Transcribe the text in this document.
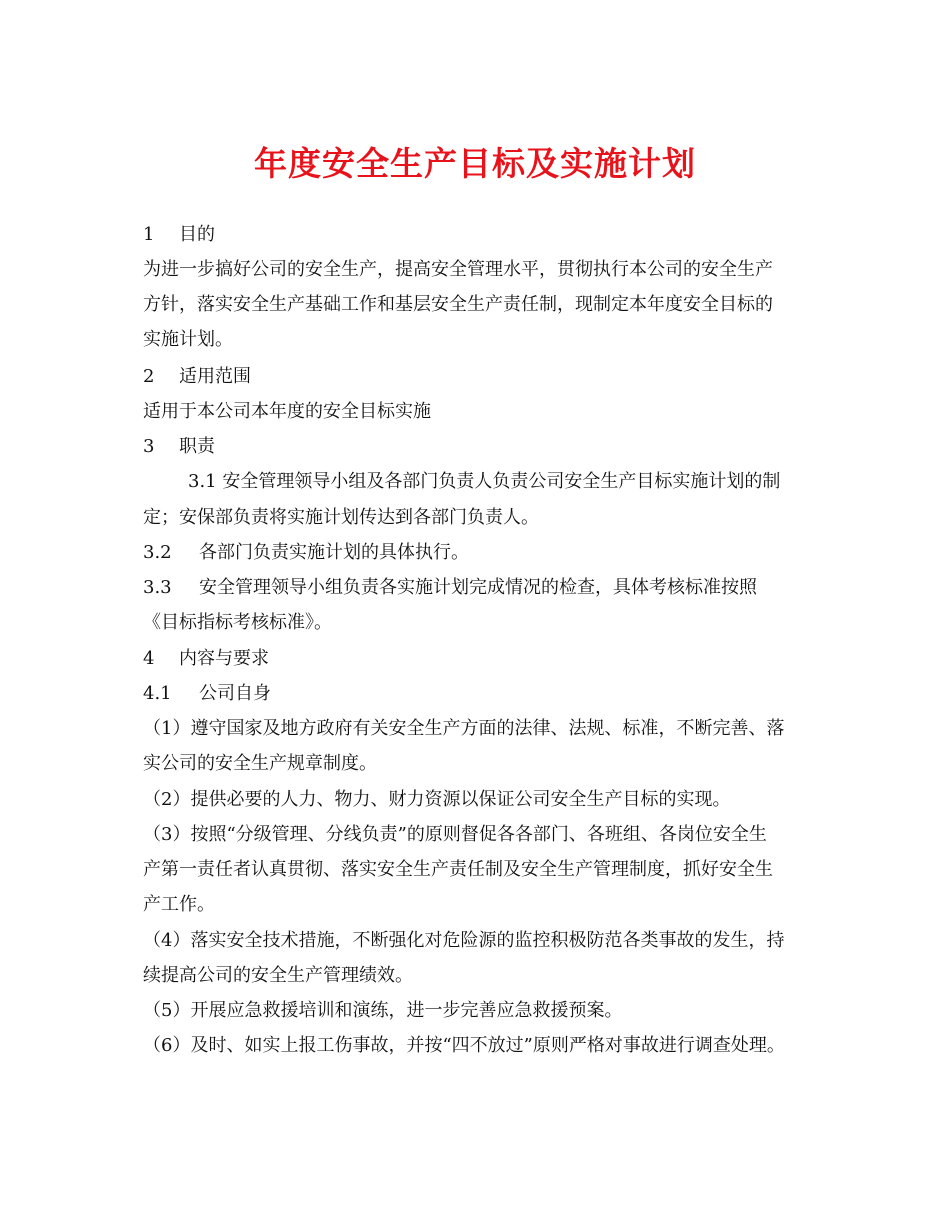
年度安全生产目标及实施计划
1 目的
为进一步搞好公司的安全生产，提高安全管理水平，贯彻执行本公司的安全生产
方针，落实安全生产基础工作和基层安全生产责任制，现制定本年度安全目标的
实施计划。
2 适用范围
适用于本公司本年度的安全目标实施
3 职责
3.1 安全管理领导小组及各部门负责人负责公司安全生产目标实施计划的制
定；安保部负责将实施计划传达到各部门负责人。
3.2 各部门负责实施计划的具体执行。
3.3 安全管理领导小组负责各实施计划完成情况的检查，具体考核标准按照
《目标指标考核标准》。
4 内容与要求
4.1 公司自身
（1）遵守国家及地方政府有关安全生产方面的法律、法规、标准，不断完善、落
实公司的安全生产规章制度。
（2）提供必要的人力、物力、财力资源以保证公司安全生产目标的实现。
（3）按照“分级管理、分线负责”的原则督促各各部门、各班组、各岗位安全生
产第一责任者认真贯彻、落实安全生产责任制及安全生产管理制度，抓好安全生
产工作。
（4）落实安全技术措施，不断强化对危险源的监控积极防范各类事故的发生，持
续提高公司的安全生产管理绩效。
（5）开展应急救援培训和演练，进一步完善应急救援预案。
（6）及时、如实上报工伤事故，并按“四不放过”原则严格对事故进行调查处理。
